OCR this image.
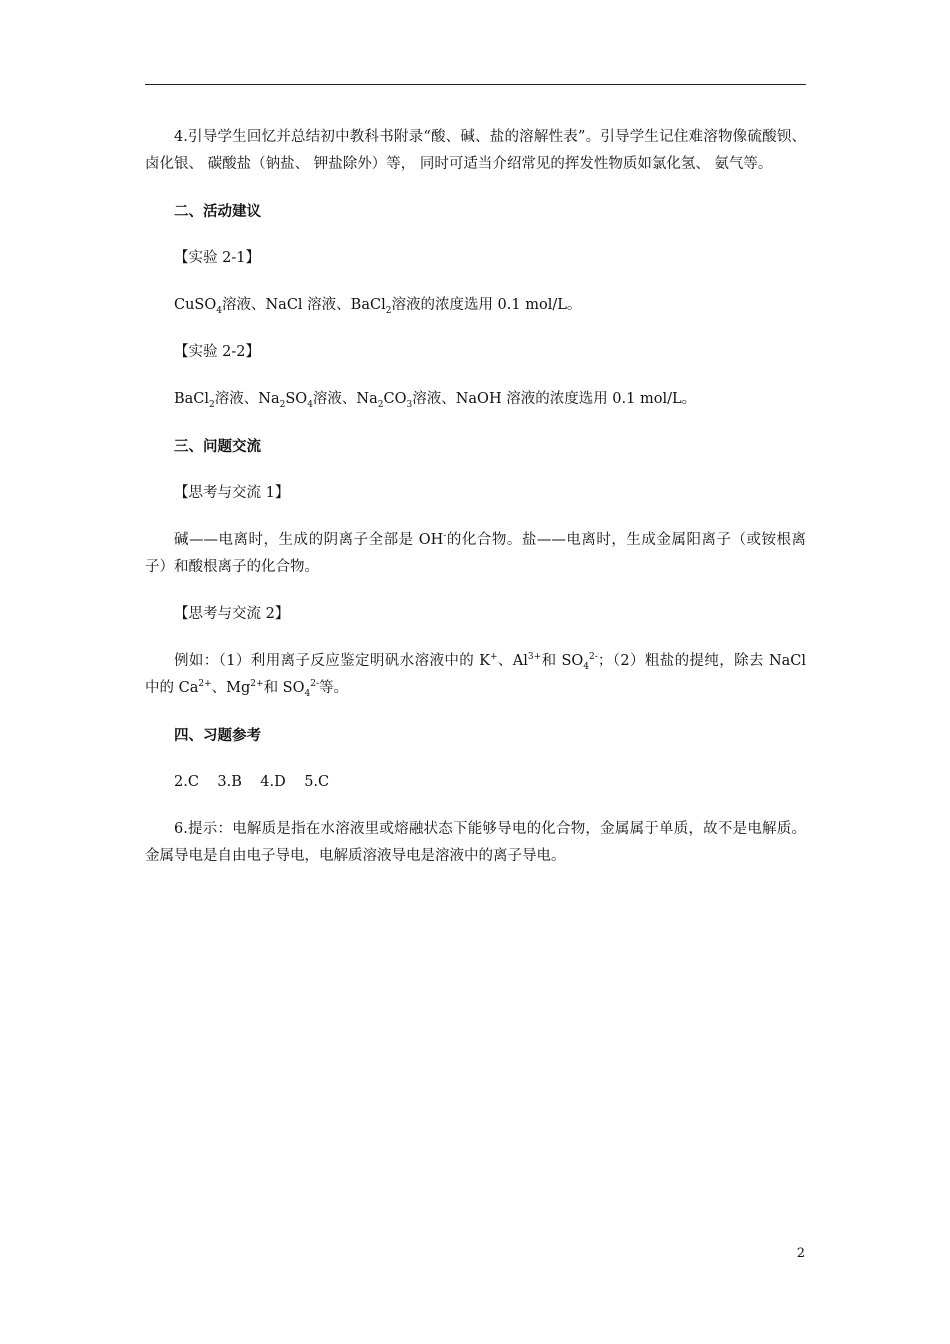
4.引导学生回忆并总结初中教科书附录“酸、碱、盐的溶解性表”。引导学生记住难溶物像硫酸钡、 卤化银、 碳酸盐（钠盐、 钾盐除外）等， 同时可适当介绍常见的挥发性物质如氯化氢、 氨气等。

二、活动建议

【实验 2-1】

CuSO$_4$溶液、NaCl 溶液、BaCl$_2$溶液的浓度选用 0.1 mol/L。

【实验 2-2】

BaCl$_2$溶液、$Na_2SO_4$溶液、$Na_2CO_3$溶液、NaOH 溶液的浓度选用 0.1 mol/L。

三、问题交流

【思考与交流 1】

碱——电离时，生成的阴离子全部是 OH-的化合物。盐——电离时，生成金属阳离子（或铵根离子）和酸根离子的化合物。

【思考与交流 2】

例如：（1）利用离子反应鉴定明矾水溶液中的 K+、$Al^{3+}$和 $SO_4^{2-}$；（2）粗盐的提纯，除去 NaCl 中的 $Ca^{2+}$、$Mg^{2+}$和 $SO_4^{2-}$等。

四、习题参考

2.C    3.B    4.D    5.C

6.提示：电解质是指在水溶液里或熔融状态下能够导电的化合物，金属属于单质，故不是电解质。金属导电是自由电子导电，电解质溶液导电是溶液中的离子导电。

2
